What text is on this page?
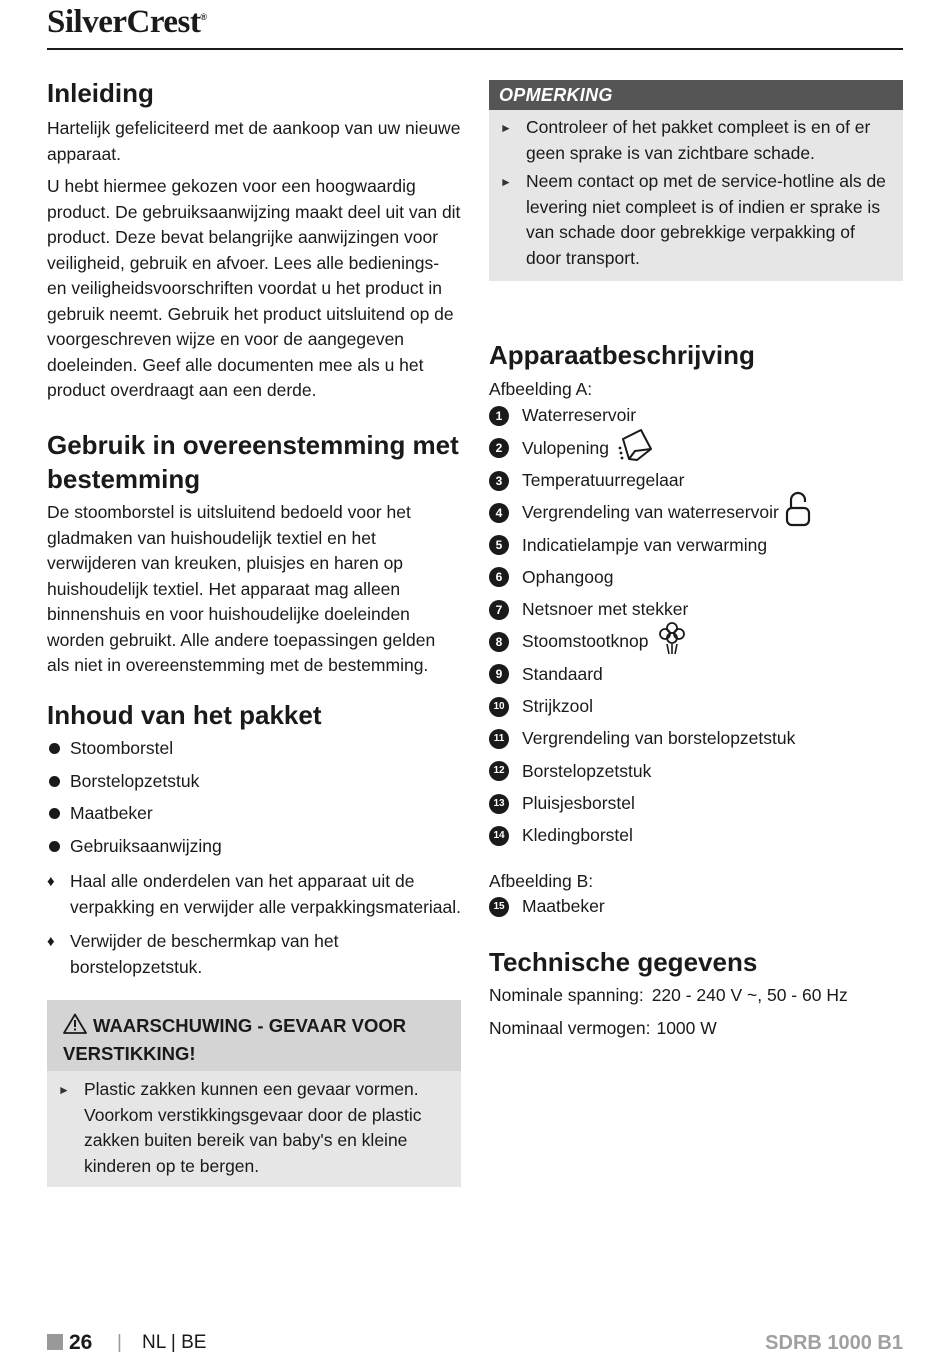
SilverCrest®
Inleiding

Hartelijk gefeliciteerd met de aankoop van uw nieuwe apparaat.

U hebt hiermee gekozen voor een hoogwaardig product. De gebruiksaanwijzing maakt deel uit van dit product. Deze bevat belangrijke aanwijzingen voor veiligheid, gebruik en afvoer. Lees alle bedienings- en veiligheidsvoorschriften voordat u het product in gebruik neemt. Gebruik het product uitsluitend op de voorgeschreven wijze en voor de aangegeven doeleinden. Geef alle documenten mee als u het product overdraagt aan een derde.

Gebruik in overeenstemming met bestemming

De stoomborstel is uitsluitend bedoeld voor het gladmaken van huishoudelijk textiel en het verwijderen van kreuken, pluisjes en haren op huishoudelijk textiel. Het apparaat mag alleen binnenshuis en voor huishoudelijke doeleinden worden gebruikt. Alle andere toepassingen gelden als niet in overeenstemming met de bestemming.

Inhoud van het pakket
Stoomborstel
Borstelopzetstuk
Maatbeker
Gebruiksaanwijzing
♦ Haal alle onderdelen van het apparaat uit de verpakking en verwijder alle verpakkingsmateriaal.
♦ Verwijder de beschermkap van het borstelopzetstuk.
WAARSCHUWING - GEVAAR VOOR VERSTIKKING!
► Plastic zakken kunnen een gevaar vormen. Voorkom verstikkingsgevaar door de plastic zakken buiten bereik van baby's en kleine kinderen op te bergen.
OPMERKING
► Controleer of het pakket compleet is en of er geen sprake is van zichtbare schade.
► Neem contact op met de service-hotline als de levering niet compleet is of indien er sprake is van schade door gebrekkige verpakking of door transport.
Apparaatbeschrijving

Afbeelding A:

1	Waterreservoir
2	Vulopening
3	Temperatuurregelaar
4	Vergrendeling van waterreservoir
5	Indicatielampje van verwarming
6	Ophangoog
7	Netsnoer met stekker
8	Stoomstootknop
9	Standaard
10 Strijkzool
11 Vergrendeling van borstelopzetstuk
12 Borstelopzetstuk
13 Pluisjesborstel
14 Kledingborstel

Afbeelding B:

15 Maatbeker
Technische gegevens
Nominale spanning: 220 - 240 V ~, 50 - 60 Hz
Nominaal vermogen: 1000 W
26 | NL | BE	SDRB 1000 B1
